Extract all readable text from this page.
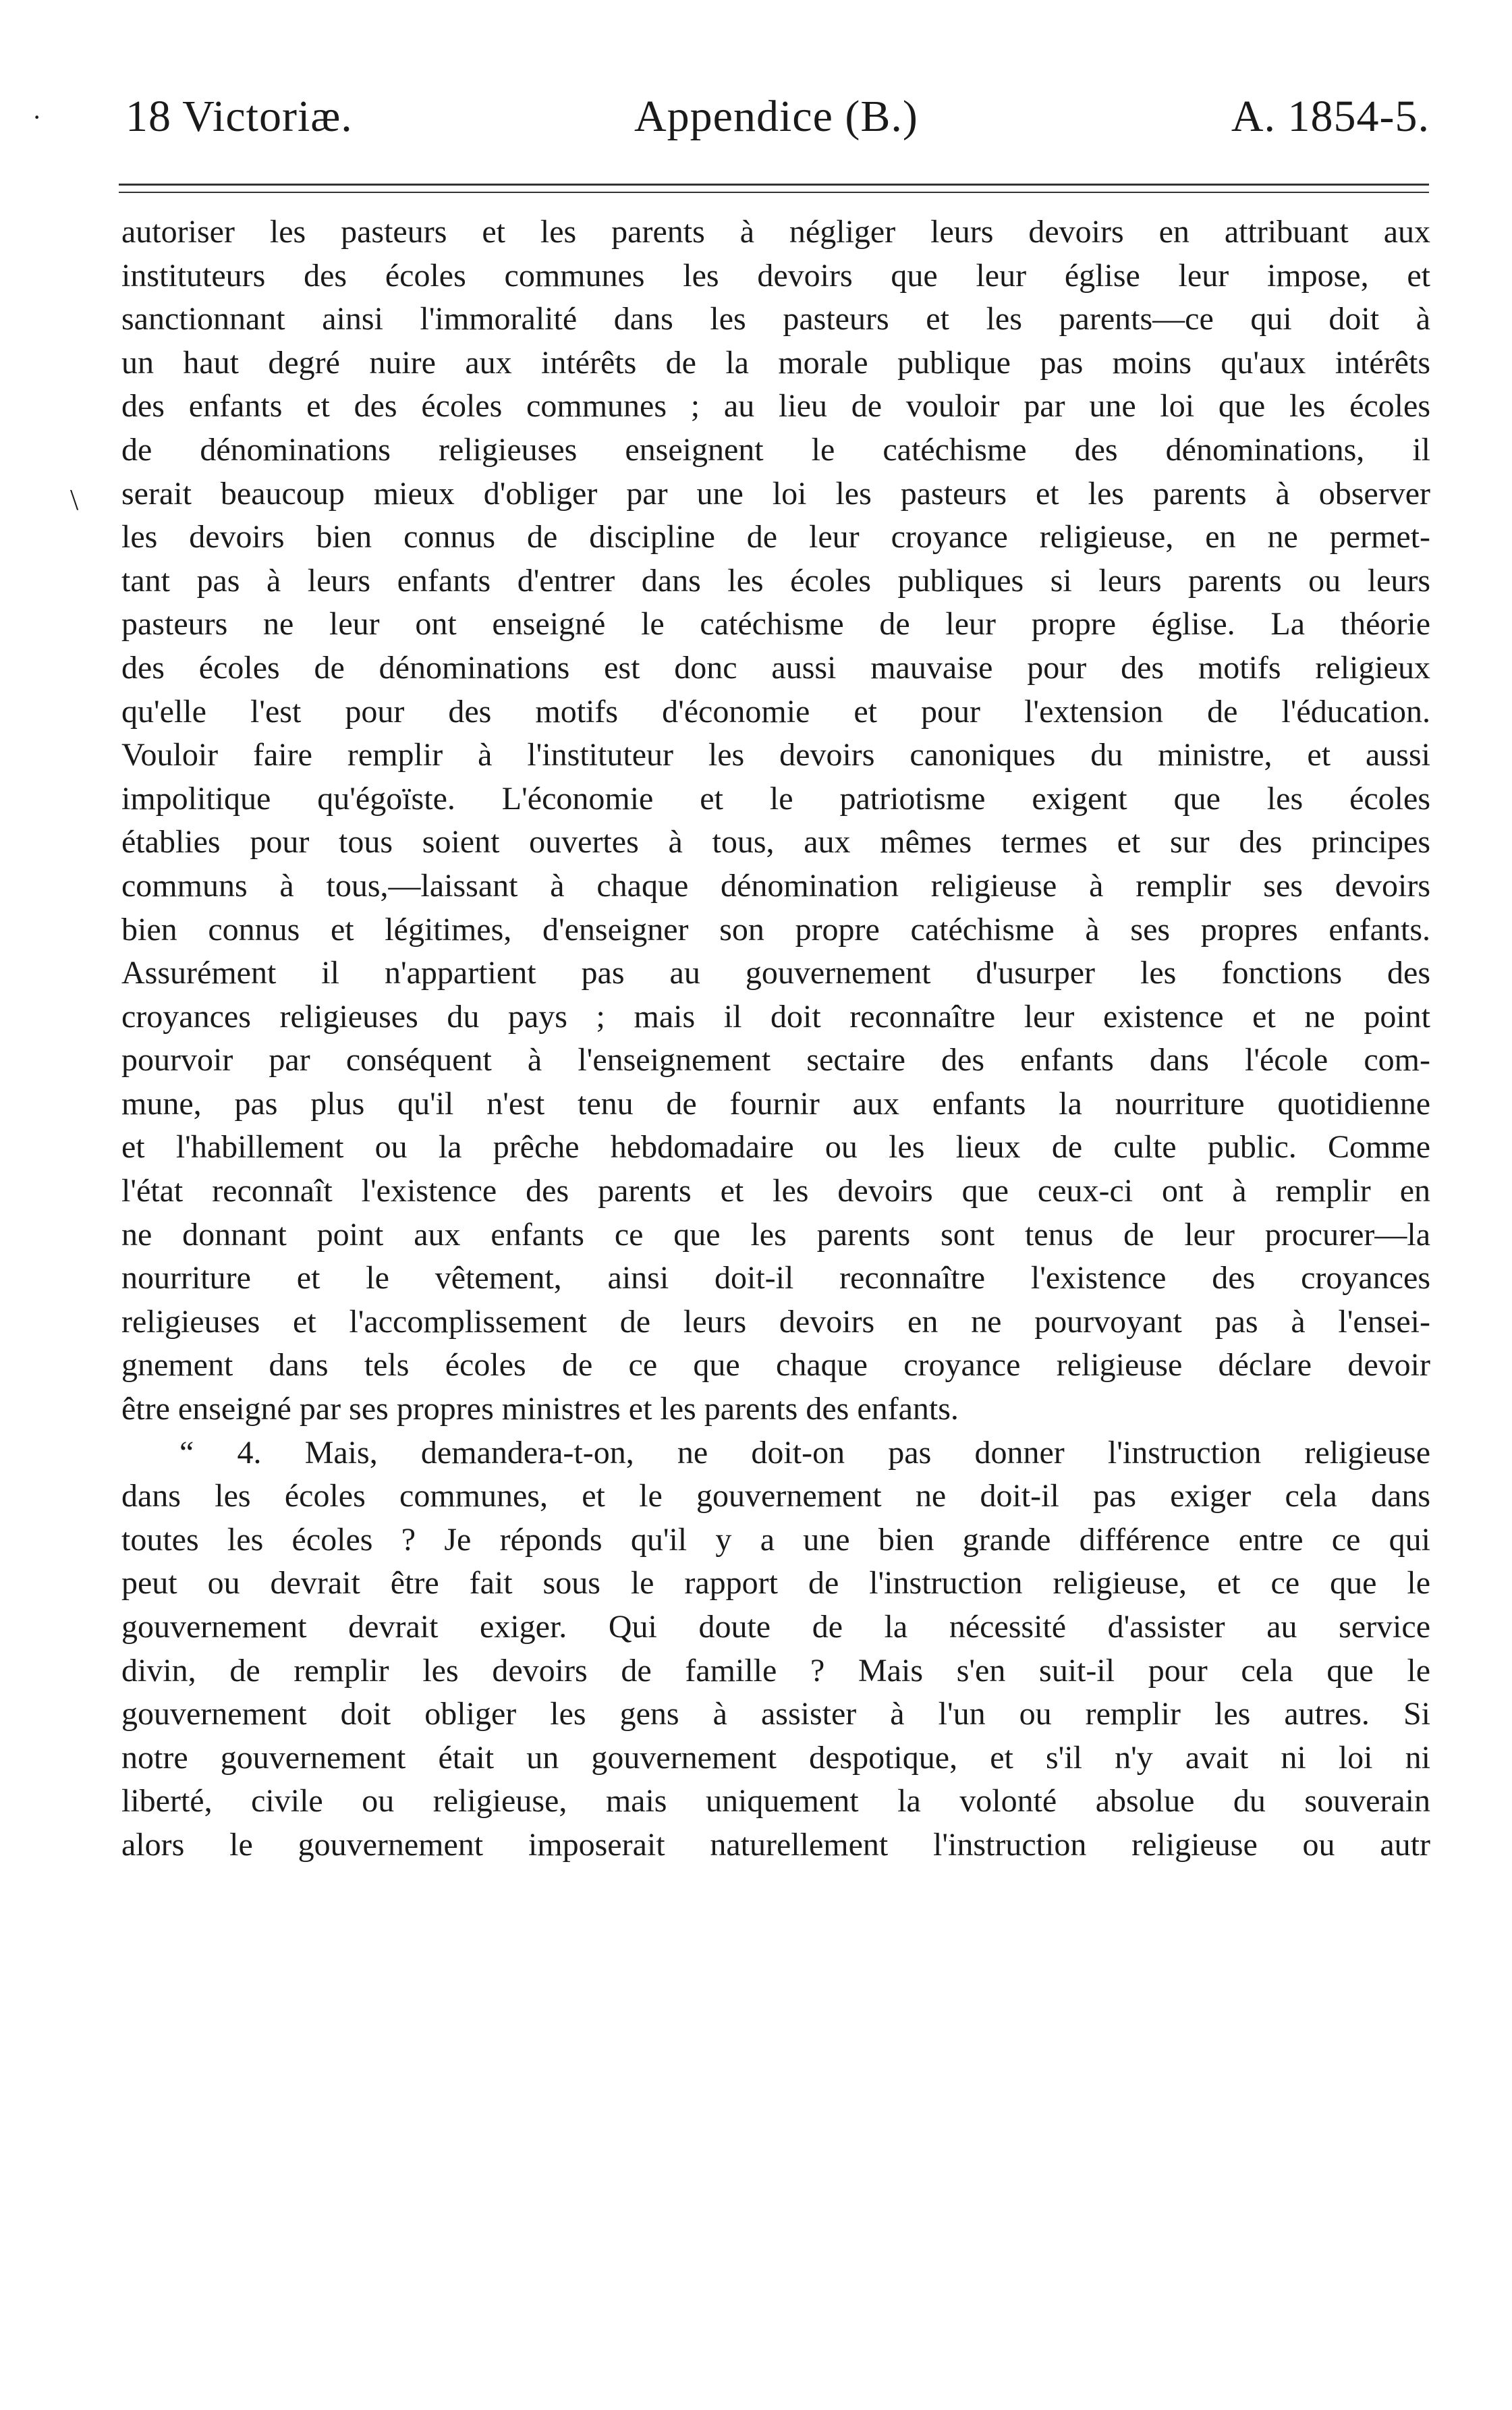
· 18 Victoriæ.	Appendice (B.)	A. 1854-5.
\
autoriser les pasteurs et les parents à négliger leurs devoirs en attribuant aux
instituteurs des écoles communes les devoirs que leur église leur impose, et
sanctionnant ainsi l'immoralité dans les pasteurs et les parents—ce qui doit à
un haut degré nuire aux intérêts de la morale publique pas moins qu'aux intérêts
des enfants et des écoles communes ; au lieu de vouloir par une loi que les écoles
de dénominations religieuses enseignent le catéchisme des dénominations, il
serait beaucoup mieux d'obliger par une loi les pasteurs et les parents à observer
les devoirs bien connus de discipline de leur croyance religieuse, en ne permet-
tant pas à leurs enfants d'entrer dans les écoles publiques si leurs parents ou leurs
pasteurs ne leur ont enseigné le catéchisme de leur propre église. La théorie
des écoles de dénominations est donc aussi mauvaise pour des motifs religieux
qu'elle l'est pour des motifs d'économie et pour l'extension de l'éducation.
Vouloir faire remplir à l'instituteur les devoirs canoniques du ministre, et aussi
impolitique qu'égoïste. L'économie et le patriotisme exigent que les écoles
établies pour tous soient ouvertes à tous, aux mêmes termes et sur des principes
communs à tous,—laissant à chaque dénomination religieuse à remplir ses devoirs
bien connus et légitimes, d'enseigner son propre catéchisme à ses propres enfants.
Assurément il n'appartient pas au gouvernement d'usurper les fonctions des
croyances religieuses du pays ; mais il doit reconnaître leur existence et ne point
pourvoir par conséquent à l'enseignement sectaire des enfants dans l'école com-
mune, pas plus qu'il n'est tenu de fournir aux enfants la nourriture quotidienne
et l'habillement ou la prêche hebdomadaire ou les lieux de culte public. Comme
l'état reconnaît l'existence des parents et les devoirs que ceux-ci ont à remplir en
ne donnant point aux enfants ce que les parents sont tenus de leur procurer—la
nourriture et le vêtement, ainsi doit-il reconnaître l'existence des croyances
religieuses et l'accomplissement de leurs devoirs en ne pourvoyant pas à l'ensei-
gnement dans tels écoles de ce que chaque croyance religieuse déclare devoir
être enseigné par ses propres ministres et les parents des enfants.
“ 4. Mais, demandera-t-on, ne doit-on pas donner l'instruction religieuse
dans les écoles communes, et le gouvernement ne doit-il pas exiger cela dans
toutes les écoles ? Je réponds qu'il y a une bien grande différence entre ce qui
peut ou devrait être fait sous le rapport de l'instruction religieuse, et ce que le
gouvernement devrait exiger. Qui doute de la nécessité d'assister au service
divin, de remplir les devoirs de famille ? Mais s'en suit-il pour cela que le
gouvernement doit obliger les gens à assister à l'un ou remplir les autres. Si
notre gouvernement était un gouvernement despotique, et s'il n'y avait ni loi ni
liberté, civile ou religieuse, mais uniquement la volonté absolue du souverain
alors le gouvernement imposerait naturellement l'instruction religieuse ou autr
